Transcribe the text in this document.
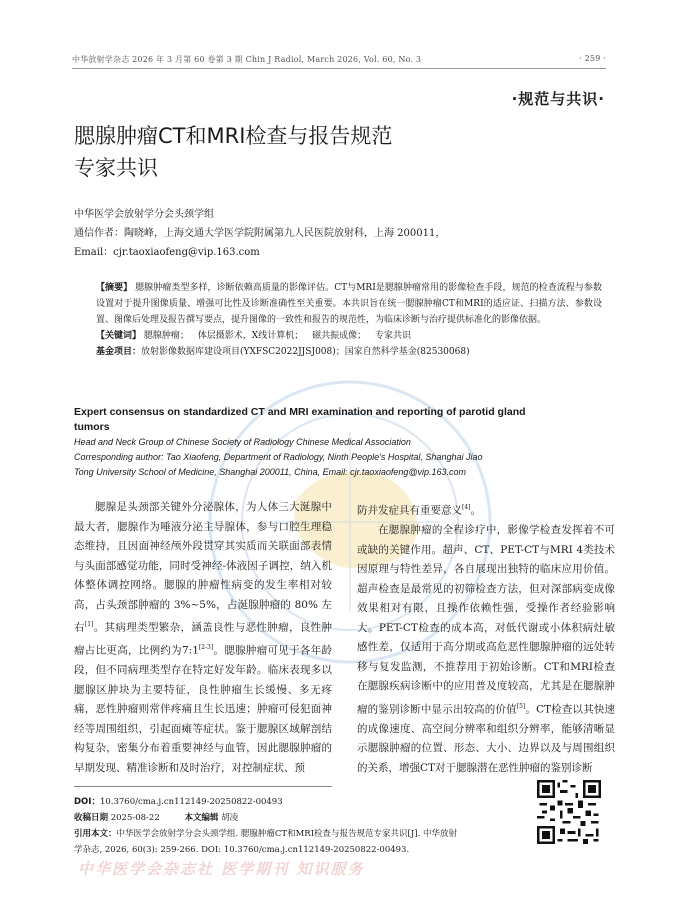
中华放射学杂志 2026 年 3 月第 60 卷第 3 期 Chin J Radiol, March 2026, Vol. 60, No. 3	· 259 ·
·规范与共识·
腮腺肿瘤CT和MRI检查与报告规范
专家共识
中华医学会放射学分会头颈学组
通信作者：陶晓峰，上海交通大学医学院附属第九人民医院放射科，上海 200011，
Email：cjr.taoxiaofeng@vip.163.com
【摘要】 腮腺肿瘤类型多样，诊断依赖高质量的影像评估。CT与MRI是腮腺肿瘤常用的影像检查手段，规范的检查流程与参数设置对于提升图像质量、增强可比性及诊断准确性至关重要。本共识旨在统一腮腺肿瘤CT和MRI的适应证、扫描方法、参数设置、图像后处理及报告撰写要点，提升图像的一致性和报告的规范性，为临床诊断与治疗提供标准化的影像依据。
【关键词】 腮腺肿瘤； 体层摄影术，X线计算机； 磁共振成像； 专家共识
基金项目：放射影像数据库建设项目(YXFSC2022JJSJ008)；国家自然科学基金(82530068)
Expert consensus on standardized CT and MRI examination and reporting of parotid gland
tumors
Head and Neck Group of Chinese Society of Radiology Chinese Medical Association
Corresponding author: Tao Xiaofeng, Department of Radiology, Ninth People's Hospital, Shanghai Jiao
Tong University School of Medicine, Shanghai 200011, China, Email: cjr.taoxiaofeng@vip.163.com

腮腺是头颈部关键外分泌腺体，为人体三大涎腺中最大者，腮腺作为唾液分泌主导腺体，参与口腔生理稳态维持，且因面神经颅外段贯穿其实质而关联面部表情与头面部感觉功能，同时受神经-体液因子调控，纳入机体整体调控网络。腮腺的肿瘤性病变的发生率相对较高，占头颈部肿瘤的 3%~5%，占涎腺肿瘤的 80% 左右[1]。其病理类型繁杂，涵盖良性与恶性肿瘤，良性肿瘤占比更高，比例约为7:1[2-3]。腮腺肿瘤可见于各年龄段，但不同病理类型存在特定好发年龄。临床表现多以腮腺区肿块为主要特征，良性肿瘤生长缓慢、多无疼痛，恶性肿瘤则常伴疼痛且生长迅速；肿瘤可侵犯面神经等周围组织，引起面瘫等症状。鉴于腮腺区域解剖结构复杂，密集分布着重要神经与血管，因此腮腺肿瘤的早期发现、精准诊断和及时治疗，对控制症状、预

防并发症具有重要意义[4]。

在腮腺肿瘤的全程诊疗中，影像学检查发挥着不可或缺的关键作用。超声、CT、PET-CT与MRI 4类技术因原理与特性差异，各自展现出独特的临床应用价值。超声检查是最常见的初筛检查方法，但对深部病变成像效果相对有限，且操作依赖性强，受操作者经验影响大。PET-CT检查的成本高，对低代谢或小体积病灶敏感性差，仅适用于高分期或高危恶性腮腺肿瘤的远处转移与复发监测，不推荐用于初始诊断。CT和MRI检查在腮腺疾病诊断中的应用普及度较高，尤其是在腮腺肿瘤的鉴别诊断中显示出较高的价值[5]。CT检查以其快速的成像速度、高空间分辨率和组织分辨率，能够清晰显示腮腺肿瘤的位置、形态、大小、边界以及与周围组织的关系，增强CT对于腮腺潜在恶性肿瘤的鉴别诊断

DOI：10.3760/cma.j.cn112149-20250822-00493
收稿日期 2025-08-22	本文编辑 胡凌
引用本文：中华医学会放射学分会头颈学组. 腮腺肿瘤CT和MRI检查与报告规范专家共识[J]. 中华放射
学杂志, 2026, 60(3): 259-266. DOI: 10.3760/cma.j.cn112149-20250822-00493.
中华医学会杂志社 医学期刊 知识服务
